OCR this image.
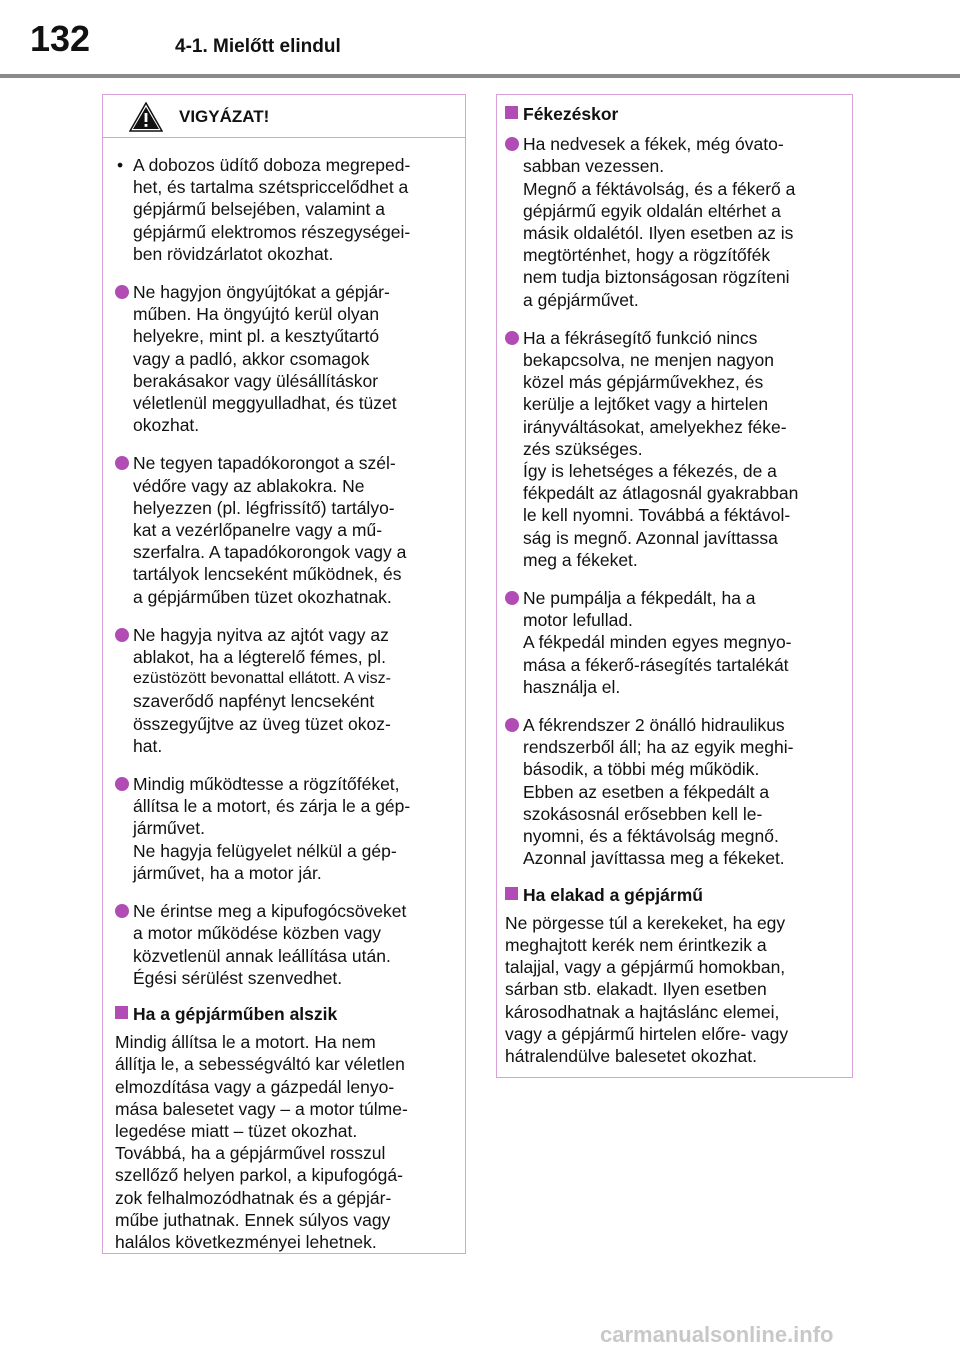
132	4-1. Mielőtt elindul
VIGYÁZAT!
• A dobozos üdítő doboza megreped-
het, és tartalma szétspriccelődhet a
gépjármű belsejében, valamint a
gépjármű elektromos részegységei-
ben rövidzárlatot okozhat.
Ne hagyjon öngyújtókat a gépjár-
műben. Ha öngyújtó kerül olyan
helyekre, mint pl. a kesztyűtartó
vagy a padló, akkor csomagok
berakásakor vagy ülésállításkor
véletlenül meggyulladhat, és tüzet
okozhat.
Ne tegyen tapadókorongot a szél-
védőre vagy az ablakokra. Ne
helyezzen (pl. légfrissítő) tartályo-
kat a vezérlőpanelre vagy a mű-
szerfalra. A tapadókorongok vagy a
tartályok lencseként működnek, és
a gépjárműben tüzet okozhatnak.
Ne hagyja nyitva az ajtót vagy az
ablakot, ha a légterelő fémes, pl.
ezüstözött bevonattal ellátott. A visz-
szaverődő napfényt lencseként
összegyűjtve az üveg tüzet okoz-
hat.
Mindig működtesse a rögzítőféket,
állítsa le a motort, és zárja le a gép-
járművet.
Ne hagyja felügyelet nélkül a gép-
járművet, ha a motor jár.
Ne érintse meg a kipufogócsöveket
a motor működése közben vagy
közvetlenül annak leállítása után.
Égési sérülést szenvedhet.
Ha a gépjárműben alszik
Mindig állítsa le a motort. Ha nem
állítja le, a sebességváltó kar véletlen
elmozdítása vagy a gázpedál lenyo-
mása balesetet vagy – a motor túlme-
legedése miatt – tüzet okozhat.
Továbbá, ha a gépjárművel rosszul
szellőző helyen parkol, a kipufogógá-
zok felhalmozódhatnak és a gépjár-
műbe juthatnak. Ennek súlyos vagy
halálos következményei lehetnek.
Fékezéskor
Ha nedvesek a fékek, még óvato-
sabban vezessen.
Megnő a féktávolság, és a fékerő a
gépjármű egyik oldalán eltérhet a
másik oldalétól. Ilyen esetben az is
megtörténhet, hogy a rögzítőfék
nem tudja biztonságosan rögzíteni
a gépjárművet.
Ha a fékrásegítő funkció nincs
bekapcsolva, ne menjen nagyon
közel más gépjárművekhez, és
kerülje a lejtőket vagy a hirtelen
irányváltásokat, amelyekhez féke-
zés szükséges.
Így is lehetséges a fékezés, de a
fékpedált az átlagosnál gyakrabban
le kell nyomni. Továbbá a féktávol-
ság is megnő. Azonnal javíttassa
meg a fékeket.
Ne pumpálja a fékpedált, ha a
motor lefullad.
A fékpedál minden egyes megnyo-
mása a fékerő-rásegítés tartalékát
használja el.
A fékrendszer 2 önálló hidraulikus
rendszerből áll; ha az egyik meghi-
básodik, a többi még működik.
Ebben az esetben a fékpedált a
szokásosnál erősebben kell le-
nyomni, és a féktávolság megnő.
Azonnal javíttassa meg a fékeket.
Ha elakad a gépjármű
Ne pörgesse túl a kerekeket, ha egy
meghajtott kerék nem érintkezik a
talajjal, vagy a gépjármű homokban,
sárban stb. elakadt. Ilyen esetben
károsodhatnak a hajtáslánc elemei,
vagy a gépjármű hirtelen előre- vagy
hátralendülve balesetet okozhat.
carmanualsonline.info
